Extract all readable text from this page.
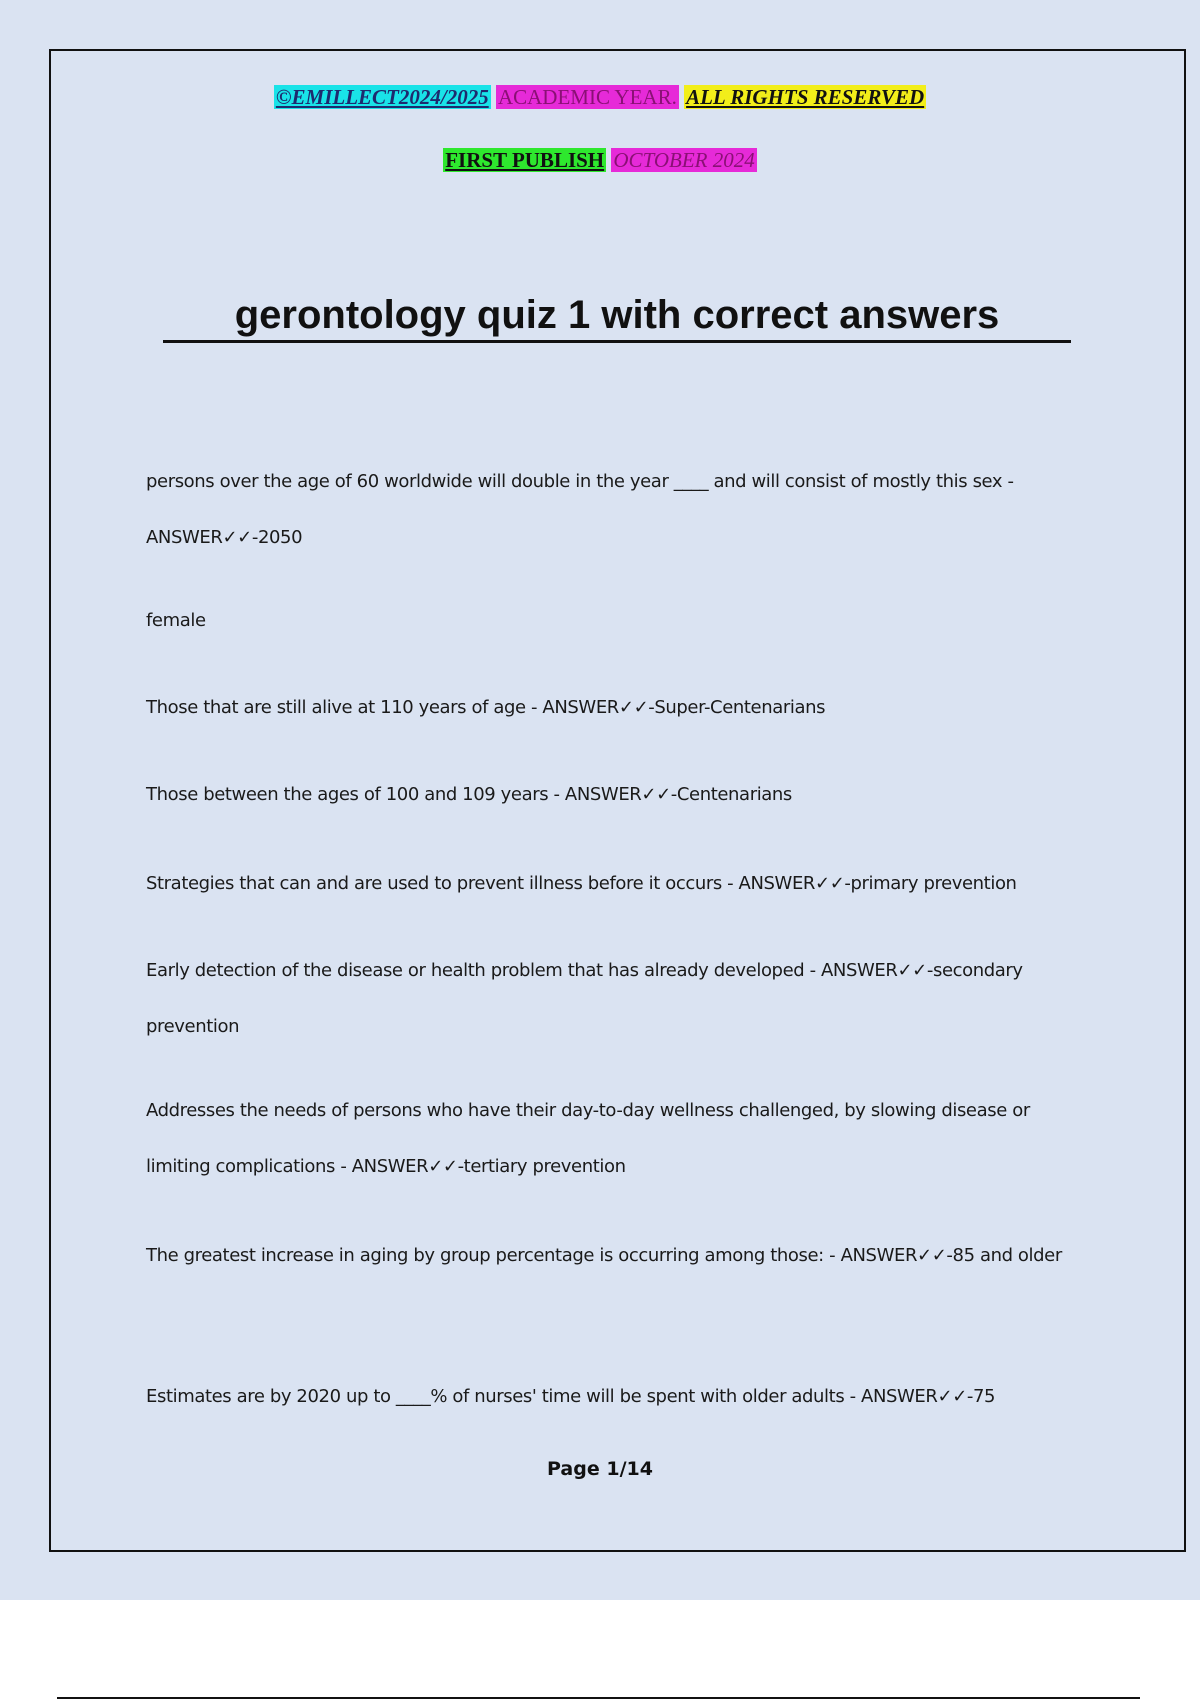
©EMILLECT2024/2025 ACADEMIC YEAR. ALL RIGHTS RESERVED
FIRST PUBLISH OCTOBER 2024
gerontology quiz 1 with correct answers
persons over the age of 60 worldwide will double in the year ____ and will consist of mostly this sex - ANSWER✓✓-2050
female
Those that are still alive at 110 years of age - ANSWER✓✓-Super-Centenarians
Those between the ages of 100 and 109 years - ANSWER✓✓-Centenarians
Strategies that can and are used to prevent illness before it occurs - ANSWER✓✓-primary prevention
Early detection of the disease or health problem that has already developed - ANSWER✓✓-secondary prevention
Addresses the needs of persons who have their day-to-day wellness challenged, by slowing disease or limiting complications - ANSWER✓✓-tertiary prevention
The greatest increase in aging by group percentage is occurring among those: - ANSWER✓✓-85 and older
Estimates are by 2020 up to ____% of nurses' time will be spent with older adults - ANSWER✓✓-75
Page 1/14
